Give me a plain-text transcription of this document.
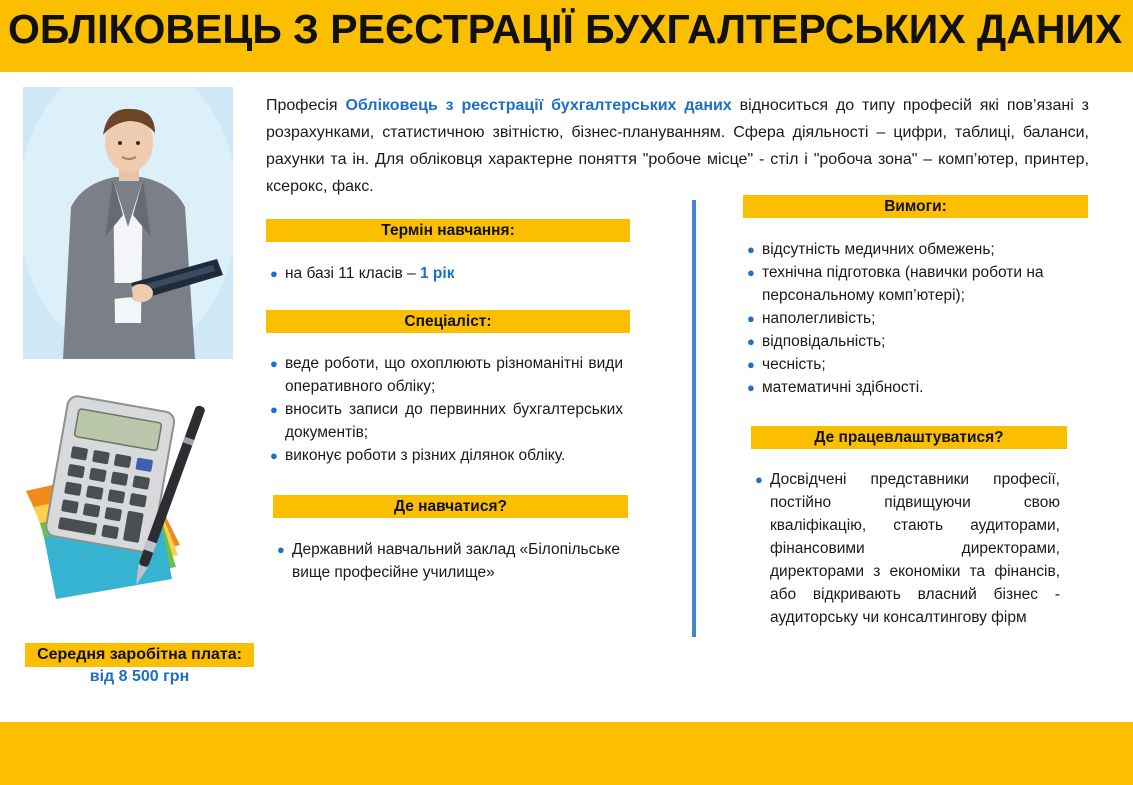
ОБЛІКОВЕЦЬ З РЕЄСТРАЦІЇ БУХГАЛТЕРСЬКИХ ДАНИХ
Середня заробітна плата:
від 8 500 грн
Професія Обліковець з реєстрації бухгалтерських даних відноситься до типу професій які пов’язані з розрахунками, статистичною звітністю, бізнес-плануванням. Сфера діяльності – цифри, таблиці, баланси, рахунки та ін. Для обліковця характерне поняття "робоче місце" - стіл і "робоча зона" – комп’ютер, принтер, ксерокс, факс.
Термін навчання:
● на базі 11 класів – 1 рік
Спеціаліст:
● веде роботи, що охоплюють різноманітні види оперативного обліку;
● вносить записи до первинних бухгалтерських документів;
● виконує роботи з різних ділянок обліку.
Де навчатися?
● Державний навчальний заклад «Білопільське вище професійне училище»
Вимоги:
● відсутність медичних обмежень;
● технічна підготовка (навички роботи на персональному комп’ютері);
● наполегливість;
● відповідальність;
● чесність;
● математичні здібності.
Де працевлаштуватися?
● Досвідчені представники професії, постійно підвищуючи свою кваліфікацію, стають аудиторами, фінансовими директорами, директорами з економіки та фінансів, або відкривають власний бізнес - аудиторську чи консалтингову фірм
